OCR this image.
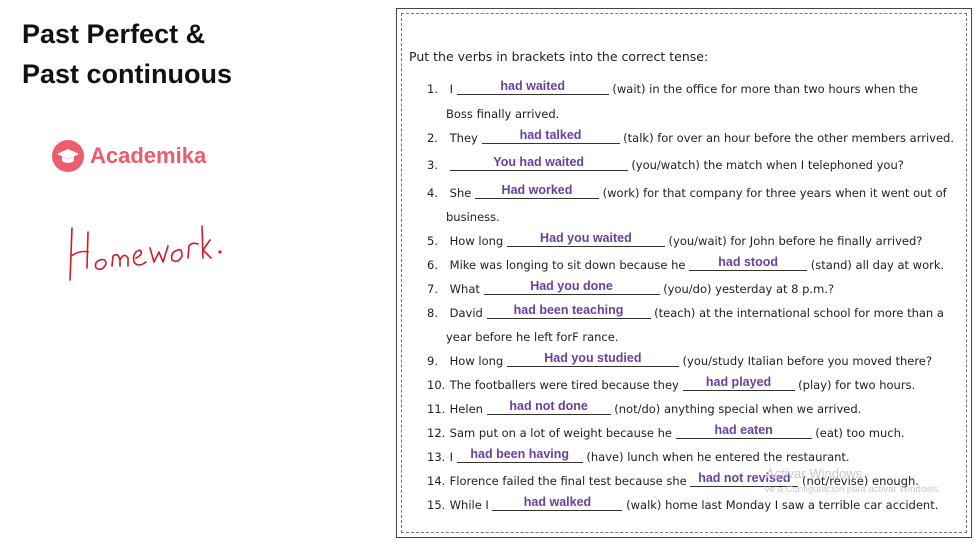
Past Perfect &
Past continuous
Academika
Homework .

Put the verbs in brackets into the correct tense:

1. I	had waited	(wait) in the office for more than two hours when the
Boss finally arrived.
2. They	had talked	(talk) for over an hour before the other members arrived.
3.	You had waited	(you/watch) the match when I telephoned you?
4. She Had worked	(work) for that company for three years when it went out of
business.
5. How long	Had you waited	(you/wait) for John before he finally arrived?
6. Mike was longing to sit down because he	had stood	(stand) all day at work.
7. What	Had you done	(you/do) yesterday at 8 p.m.?
8. David had been teaching	(teach) at the international school for more than a
year before he left forF rance.
9. How long	Had you studied	(you/study Italian before you moved there?
10. The footballers were tired because they had played (play) for two hours.
11. Helen had not done (not/do) anything special when we arrived.
12. Sam put on a lot of weight because he	had eaten	(eat) too much.
13. I had been having (have) lunch when he entered the restaurant.
14. Florence failed the final test because she had not revised (not/revise) enough.
15. While I	had walked	(walk) home last Monday I saw a terrible car accident.
Activar Windows
Ve a Configuración para activar Windows.
